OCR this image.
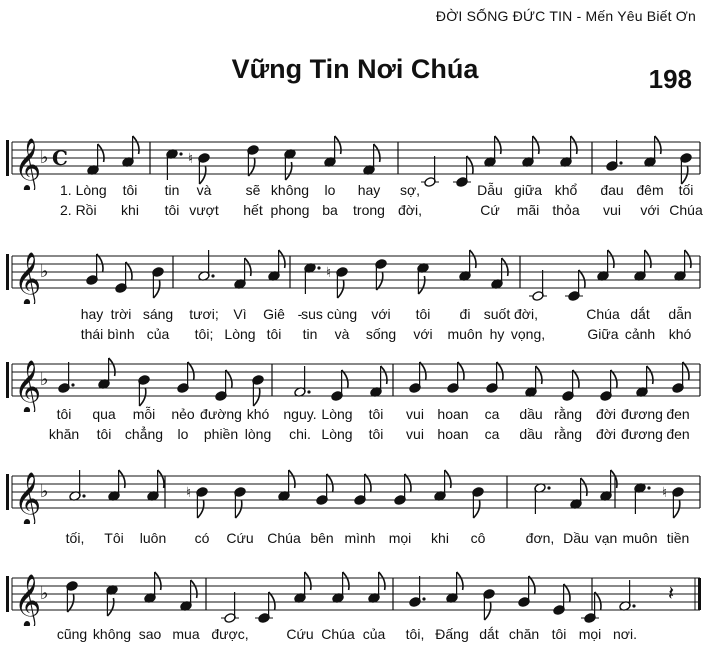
ĐỜI SỐNG ĐỨC TIN - Mến Yêu Biết Ơn
Vững Tin Nơi Chúa	198
𝄞
♭ C	♮
1. Lòng tôi tin và sẽ không lo hay sợ,	Dẫu giữa khổ đau đêm tối
2. Rồi khi tôi vượt hết phong ba trong đời,	Cứ mãi thỏa vui với Chúa
𝄞
♭	♮
hay trời sáng tươi; Vì Giê -
sus cùng với tôi đi suốt đời,	Chúa dắt dẫn
thái bình của tôi; Lòng tôi tin và sống với muôn hy vọng,	Giữa cảnh khó
𝄞
♭
tôi qua mỗi nẻo đường khó nguy. Lòng tôi vui hoan ca dầu rằng đời đương đen
khăn tôi chẳng lo phiền lòng chi. Lòng tôi vui hoan ca dầu rằng đời đương đen
𝄞
♭	♮	♮
tối, Tôi luôn có Cứu Chúa bên mình mọi khi cô	đơn, Dầu vạn muôn tiền
𝄞
♭	𝄽
cũng không sao mua được,	Cứu Chúa của tôi, Đấng dắt chăn tôi mọi nơi.
